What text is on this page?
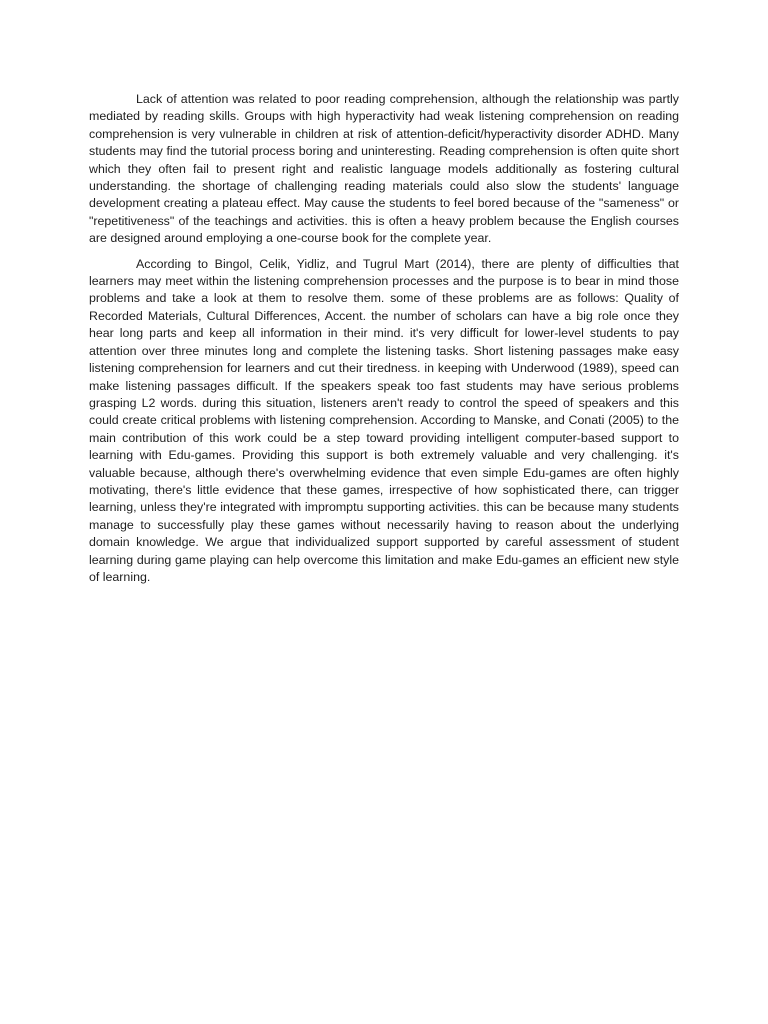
Lack of attention was related to poor reading comprehension, although the relationship was partly mediated by reading skills. Groups with high hyperactivity had weak listening comprehension on reading comprehension is very vulnerable in children at risk of attention-deficit/hyperactivity disorder ADHD. Many students may find the tutorial process boring and uninteresting. Reading comprehension is often quite short which they often fail to present right and realistic language models additionally as fostering cultural understanding. the shortage of challenging reading materials could also slow the students' language development creating a plateau effect. May cause the students to feel bored because of the "sameness" or "repetitiveness" of the teachings and activities. this is often a heavy problem because the English courses are designed around employing a one-course book for the complete year.

According to Bingol, Celik, Yidliz, and Tugrul Mart (2014), there are plenty of difficulties that learners may meet within the listening comprehension processes and the purpose is to bear in mind those problems and take a look at them to resolve them. some of these problems are as follows: Quality of Recorded Materials, Cultural Differences, Accent. the number of scholars can have a big role once they hear long parts and keep all information in their mind. it's very difficult for lower-level students to pay attention over three minutes long and complete the listening tasks. Short listening passages make easy listening comprehension for learners and cut their tiredness. in keeping with Underwood (1989), speed can make listening passages difficult. If the speakers speak too fast students may have serious problems grasping L2 words. during this situation, listeners aren't ready to control the speed of speakers and this could create critical problems with listening comprehension. According to Manske, and Conati (2005) to the main contribution of this work could be a step toward providing intelligent computer-based support to learning with Edu-games. Providing this support is both extremely valuable and very challenging. it's valuable because, although there's overwhelming evidence that even simple Edu-games are often highly motivating, there's little evidence that these games, irrespective of how sophisticated there, can trigger learning, unless they're integrated with impromptu supporting activities. this can be because many students manage to successfully play these games without necessarily having to reason about the underlying domain knowledge. We argue that individualized support supported by careful assessment of student learning during game playing can help overcome this limitation and make Edu-games an efficient new style of learning.
